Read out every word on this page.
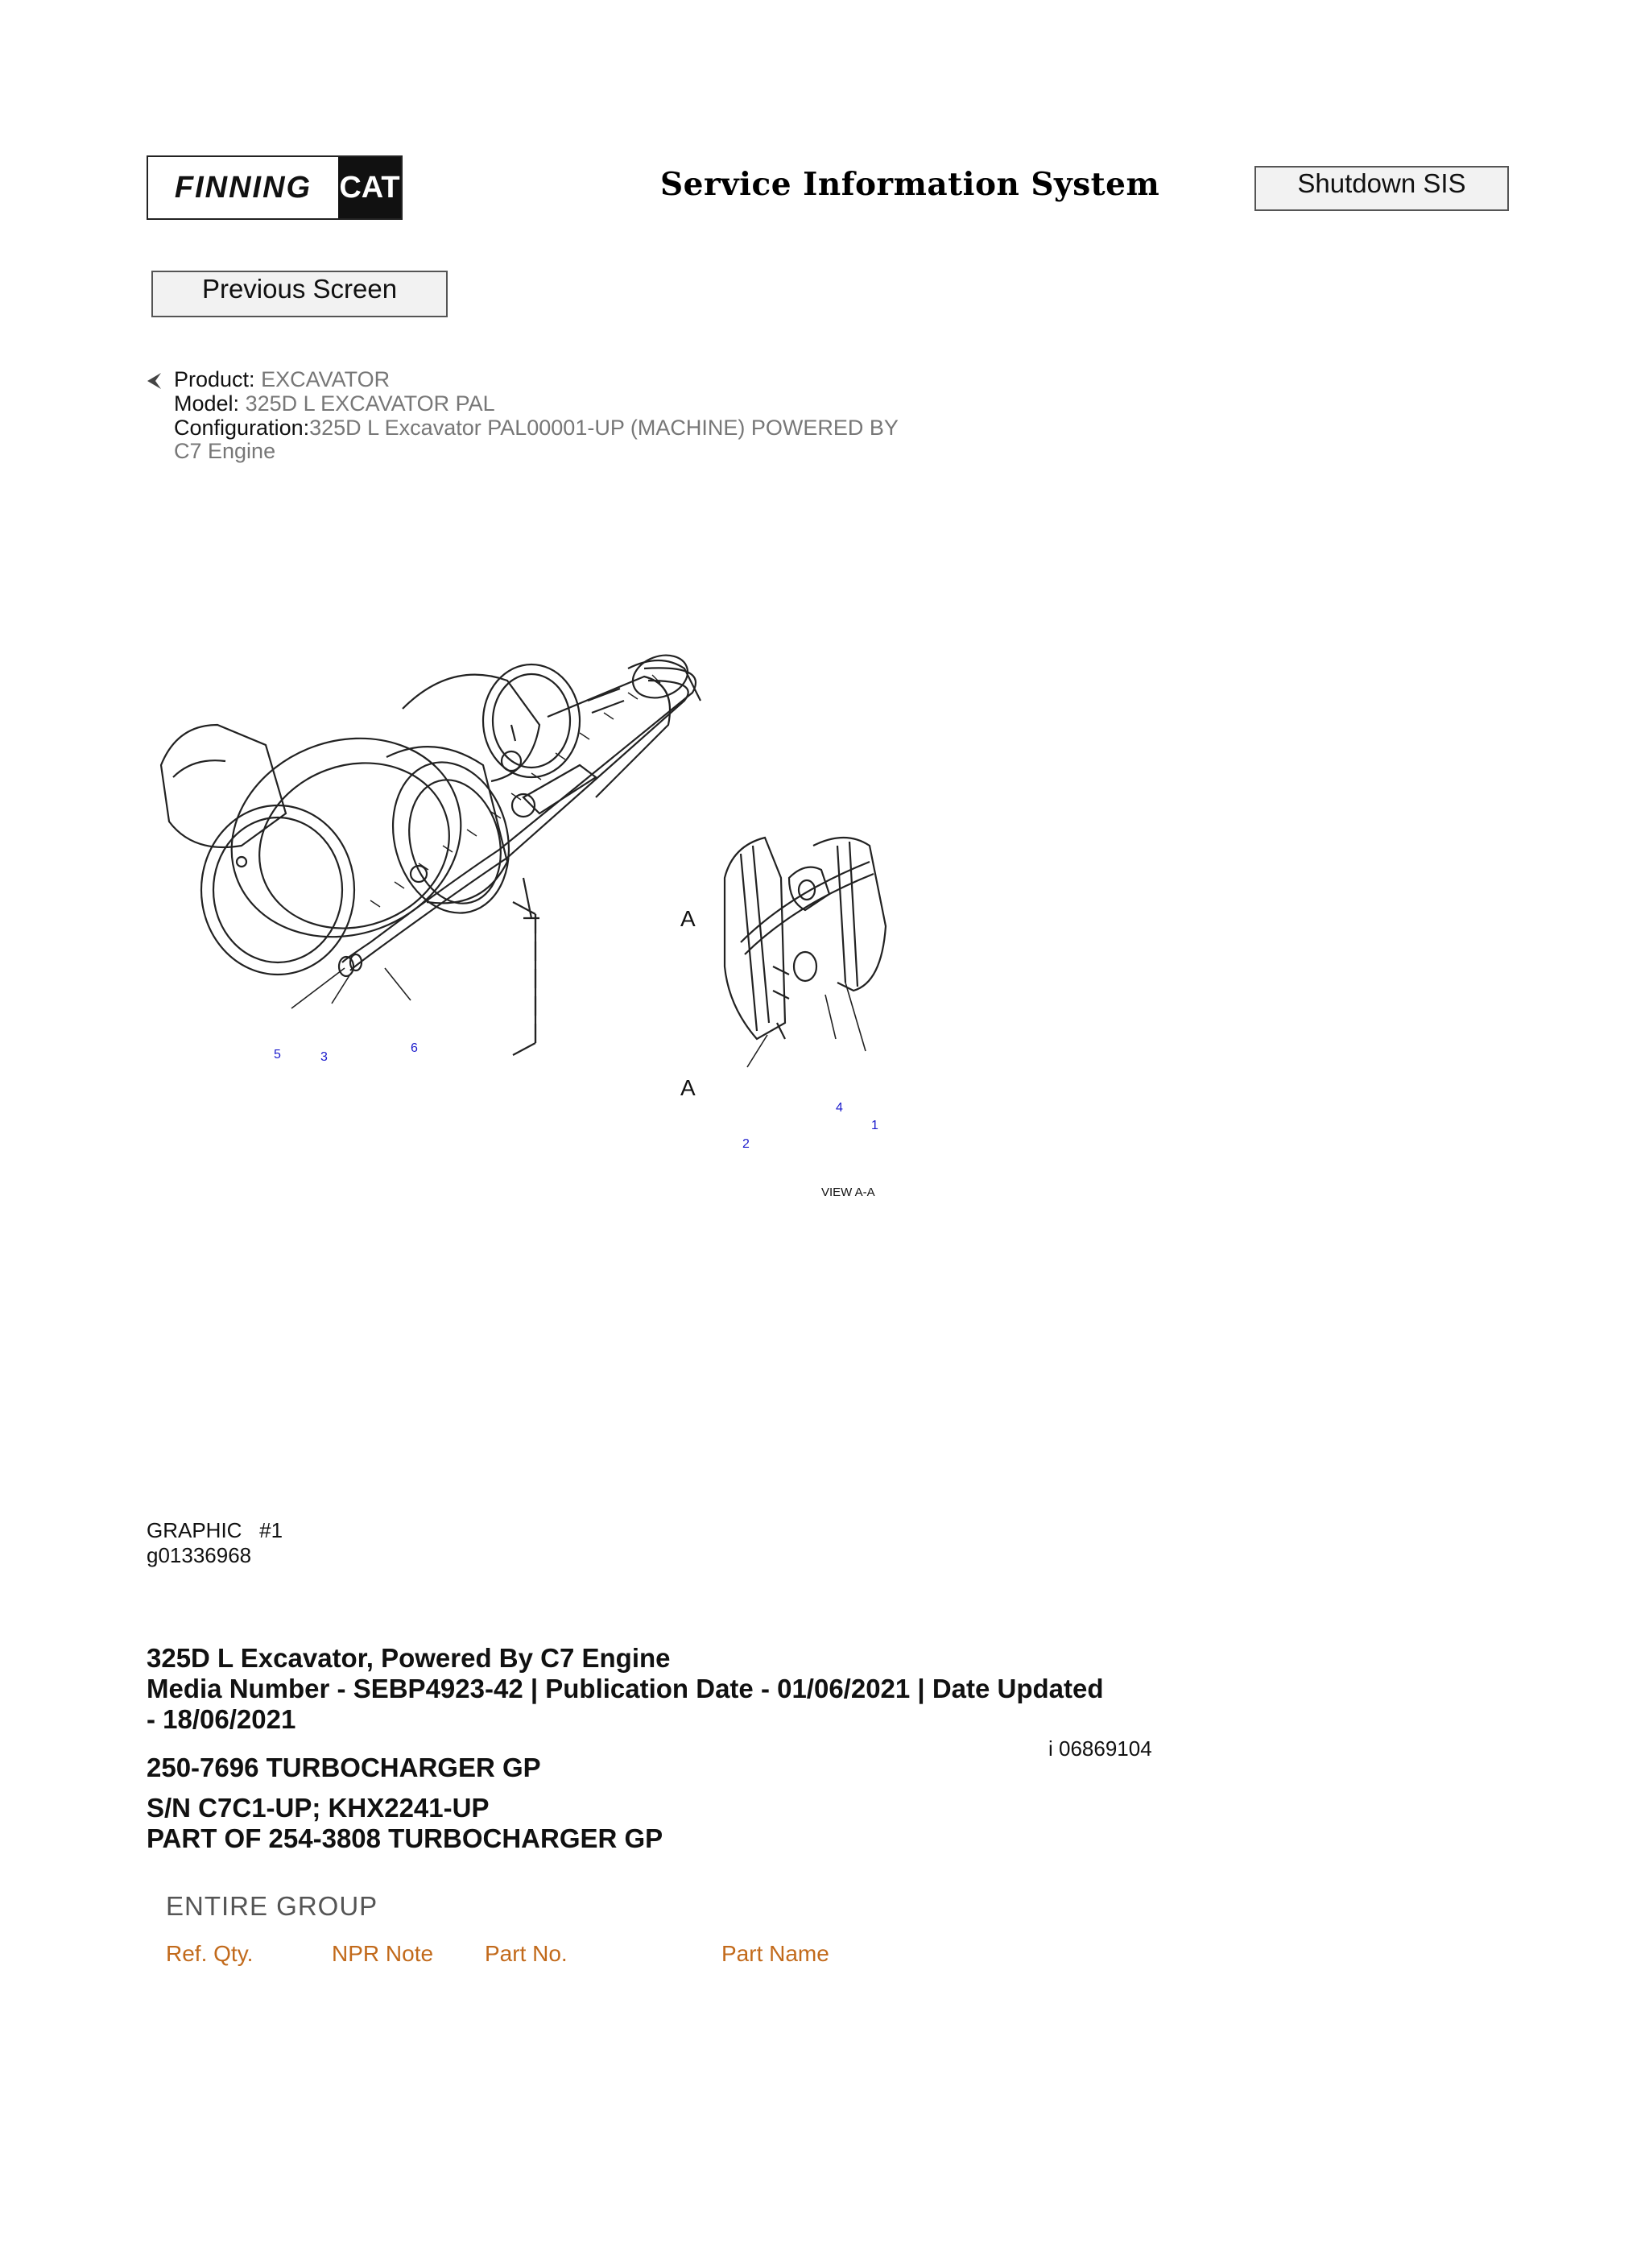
FINNING CAT	Service Information System	Shutdown SIS
Previous Screen
Product: EXCAVATOR
Model: 325D L EXCAVATOR PAL
Configuration:325D L Excavator PAL00001-UP (MACHINE) POWERED BY
C7 Engine
5	3
6
1
4
2
A
A
VIEW A-A
GRAPHIC   #1
g01336968
325D L Excavator, Powered By C7 Engine
Media Number - SEBP4923-42 | Publication Date - 01/06/2021 | Date Updated
- 18/06/2021
i 06869104
250-7696 TURBOCHARGER GP
S/N C7C1-UP; KHX2241-UP
PART OF 254-3808 TURBOCHARGER GP
ENTIRE GROUP
Ref. Qty.	NPR Note Part No.	Part Name
